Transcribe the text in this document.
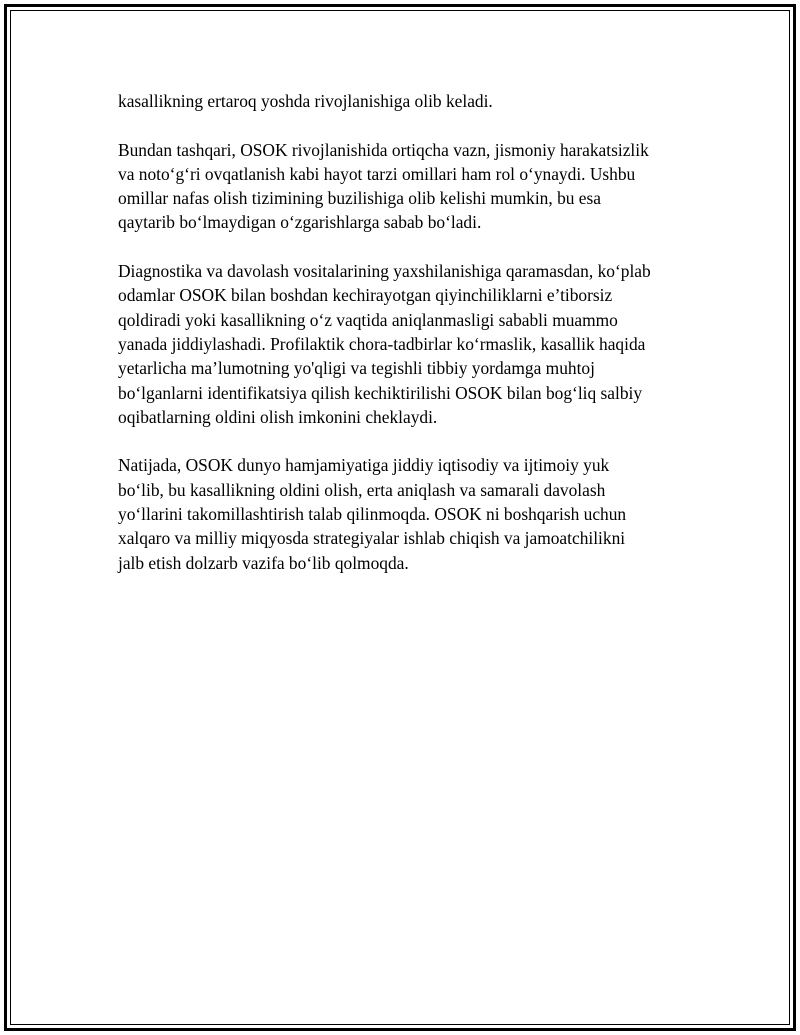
kasallikning ertaroq yoshda rivojlanishiga olib keladi.

Bundan tashqari, OSOK rivojlanishida ortiqcha vazn, jismoniy harakatsizlik
va noto‘g‘ri ovqatlanish kabi hayot tarzi omillari ham rol o‘ynaydi. Ushbu
omillar nafas olish tizimining buzilishiga olib kelishi mumkin, bu esa
qaytarib bo‘lmaydigan o‘zgarishlarga sabab bo‘ladi.

Diagnostika va davolash vositalarining yaxshilanishiga qaramasdan, ko‘plab
odamlar OSOK bilan boshdan kechirayotgan qiyinchiliklarni e’tiborsiz
qoldiradi yoki kasallikning o‘z vaqtida aniqlanmasligi sababli muammo
yanada jiddiylashadi. Profilaktik chora-tadbirlar ko‘rmaslik, kasallik haqida
yetarlicha ma’lumotning yo'qligi va tegishli tibbiy yordamga muhtoj
bo‘lganlarni identifikatsiya qilish kechiktirilishi OSOK bilan bog‘liq salbiy
oqibatlarning oldini olish imkonini cheklaydi.

Natijada, OSOK dunyo hamjamiyatiga jiddiy iqtisodiy va ijtimoiy yuk
bo‘lib, bu kasallikning oldini olish, erta aniqlash va samarali davolash
yo‘llarini takomillashtirish talab qilinmoqda. OSOK ni boshqarish uchun
xalqaro va milliy miqyosda strategiyalar ishlab chiqish va jamoatchilikni
jalb etish dolzarb vazifa bo‘lib qolmoqda.
